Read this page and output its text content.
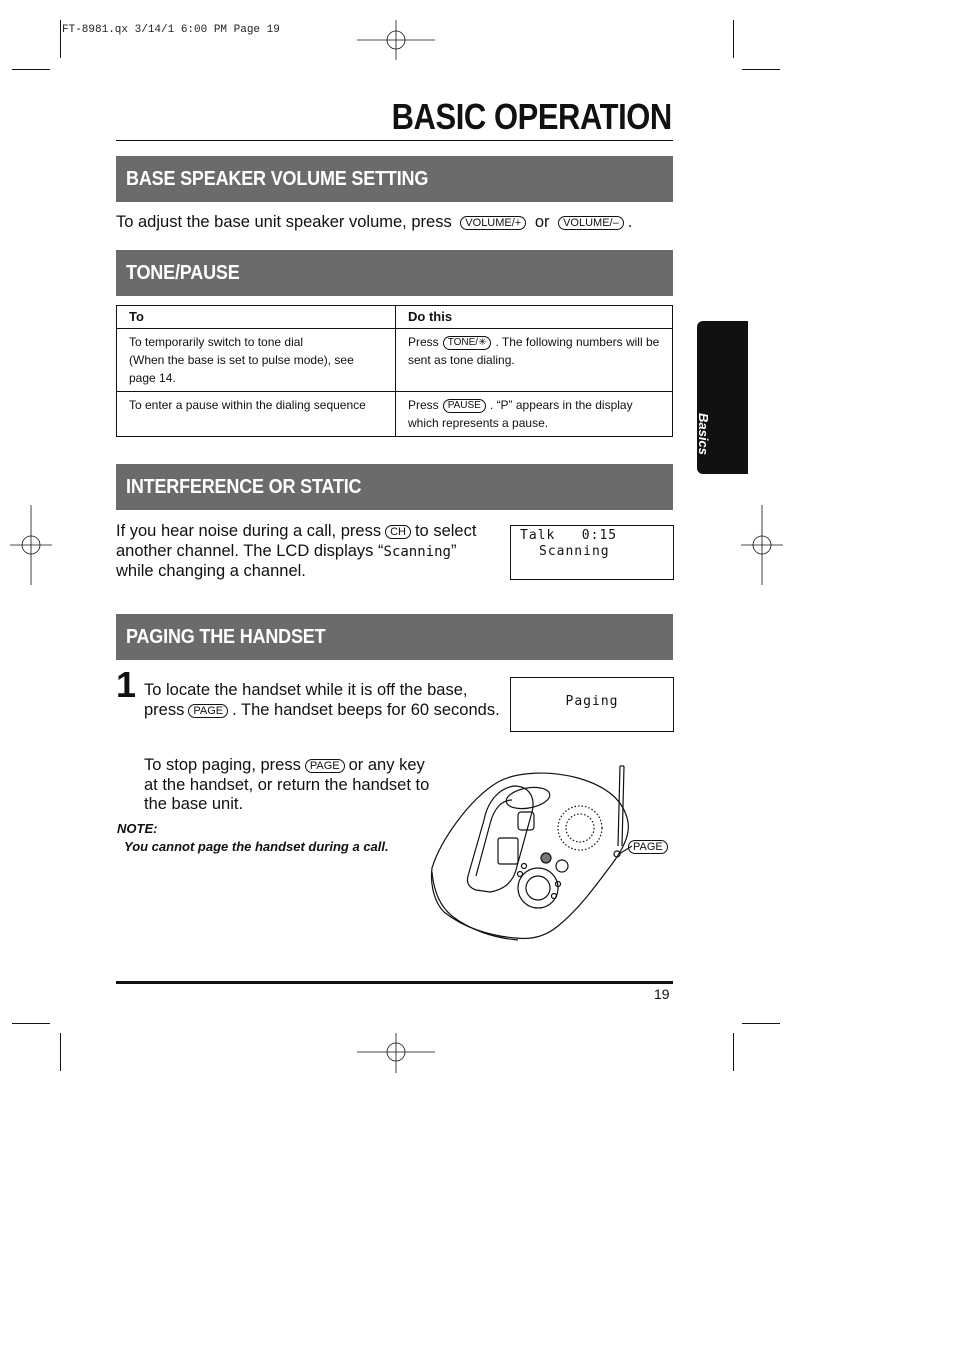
FT-8981.qx 3/14/1 6:00 PM Page 19
BASIC OPERATION
Basics
BASE SPEAKER VOLUME SETTING
To adjust the base unit speaker volume, press VOLUME/+ or VOLUME/– .
TONE/PAUSE
To	Do this

To temporarily switch to tone dial
(When the base is set to pulse mode), see page 14.	Press TONE/✳ . The following numbers will be sent as tone dialing.
To enter a pause within the dialing sequence	Press PAUSE . “P” appears in the display which represents a pause.
INTERFERENCE OR STATIC
If you hear noise during a call, press CH to select another channel. The LCD displays “Scanning” while changing a channel.
Talk   0:15
Scanning
PAGING THE HANDSET
1 To locate the handset while it is off the base, press PAGE . The handset beeps for 60 seconds.
To stop paging, press PAGE or any key at the handset, or return the handset to the base unit.
NOTE:
You cannot page the handset during a call.
Paging
PAGE
19
